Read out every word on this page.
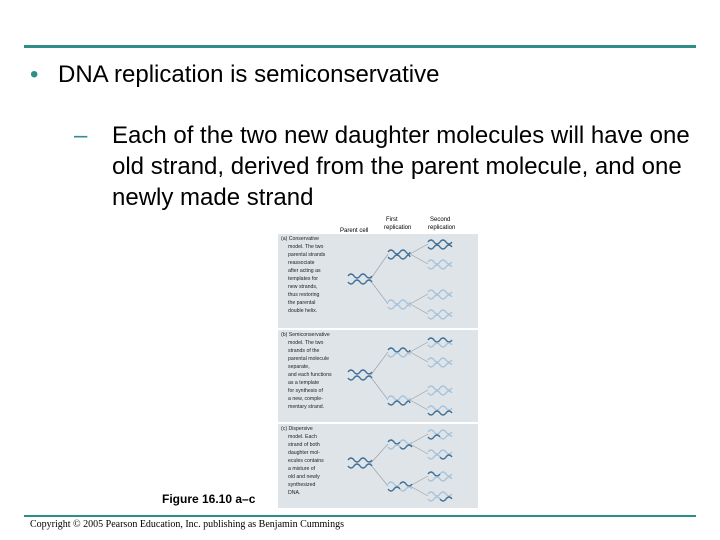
• DNA replication is semiconservative
– Each of the two new daughter molecules will have one old strand, derived from the parent molecule, and one newly made strand
Parent cell
First
replication
Second
replication
(a) Conservative model. The two parental strands reassociate after acting as templates for new strands, thus restoring the parental double helix.
(b) Semiconservative model. The two strands of the parental molecule separate, and each functions as a template for synthesis of a new, comple- mentary strand.
(c) Dispersive model. Each strand of both daughter mol- ecules contains a mixture of old and newly synthesized DNA.
Figure 16.10 a–c
Copyright © 2005 Pearson Education, Inc. publishing as Benjamin Cummings
